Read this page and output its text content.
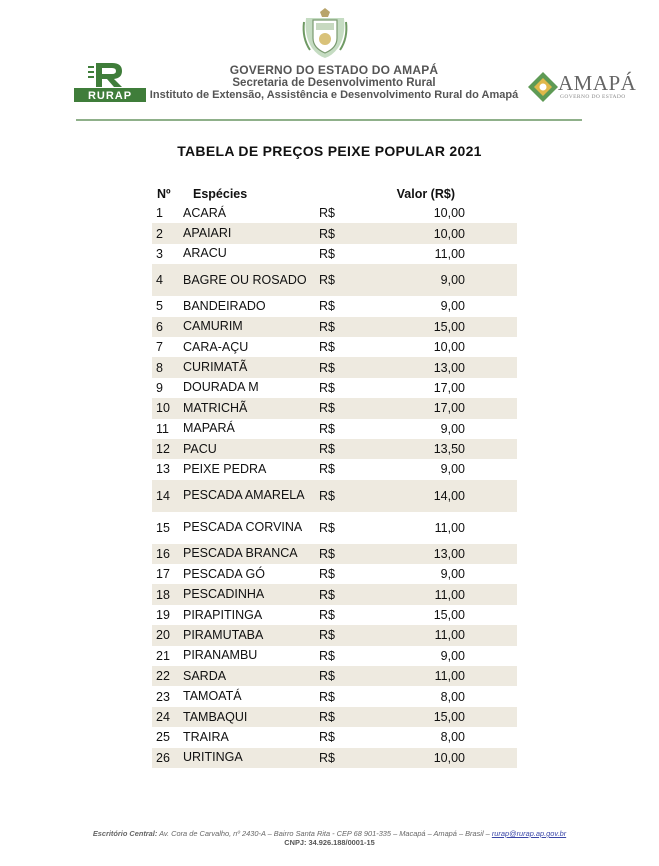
RURAP
GOVERNO DO ESTADO DO AMAPÁ
Secretaria de Desenvolvimento Rural
Instituto de Extensão, Assistência e Desenvolvimento Rural do Amapá AMAPÁ
GOVERNO DO ESTADO
TABELA DE PREÇOS PEIXE POPULAR 2021
Nº	Espécies		Valor (R$)
1	ACARÁ	R$	10,00
2	APAIARI	R$	10,00
3	ARACU	R$	11,00
4	BAGRE OU ROSADO	R$	9,00
5	BANDEIRADO	R$	9,00
6	CAMURIM	R$	15,00
7	CARA-AÇU	R$	10,00
8	CURIMATÃ	R$	13,00
9	DOURADA M	R$	17,00
10	MATRICHÃ	R$	17,00
11	MAPARÁ	R$	9,00
12	PACU	R$	13,50
13	PEIXE PEDRA	R$	9,00
14	PESCADA AMARELA	R$	14,00
15	PESCADA CORVINA	R$	11,00
16	PESCADA BRANCA	R$	13,00
17	PESCADA GÓ	R$	9,00
18	PESCADINHA	R$	11,00
19	PIRAPITINGA	R$	15,00
20	PIRAMUTABA	R$	11,00
21	PIRANAMBU	R$	9,00
22	SARDA	R$	11,00
23	TAMOATÁ	R$	8,00
24	TAMBAQUI	R$	15,00
25	TRAIRA	R$	8,00
26	URITINGA	R$	10,00
Escritório Central: Av. Cora de Carvalho, nº 2430-A – Bairro Santa Rita - CEP 68 901-335 – Macapá – Amapá – Brasil – rurap@rurap.ap.gov.br
CNPJ: 34.926.188/0001-15
